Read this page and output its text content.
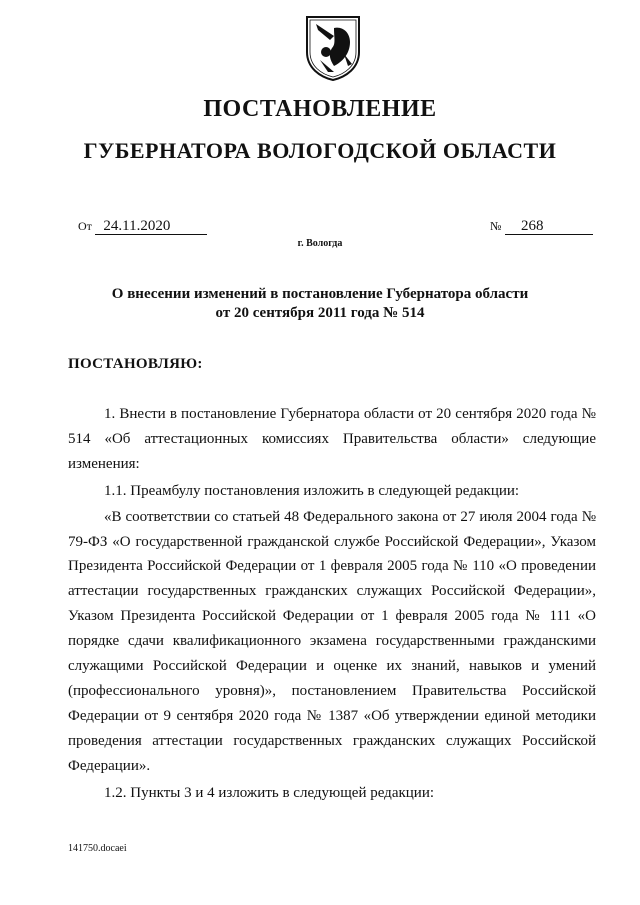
ПОСТАНОВЛЕНИЕ
ГУБЕРНАТОРА ВОЛОГОДСКОЙ ОБЛАСТИ
От 24.11.2020	№ 268
г. Вологда
О внесении изменений в постановление Губернатора области
от 20 сентября 2011 года № 514
ПОСТАНОВЛЯЮ:

1. Внести в постановление Губернатора области от 20 сентября 2020 года № 514 «Об аттестационных комиссиях Правительства области» следующие изменения:

1.1. Преамбулу постановления изложить в следующей редакции:

«В соответствии со статьей 48 Федерального закона от 27 июля 2004 года № 79-ФЗ «О государственной гражданской службе Российской Федерации», Указом Президента Российской Федерации от 1 февраля 2005 года № 110 «О проведении аттестации государственных гражданских служащих Российской Федерации», Указом Президента Российской Федерации от 1 февраля 2005 года № 111 «О порядке сдачи квалификационного экзамена государственными гражданскими служащими Российской Федерации и оценке их знаний, навыков и умений (профессионального уровня)», постановлением Правительства Российской Федерации от 9 сентября 2020 года № 1387 «Об утверждении единой методики проведения аттестации государственных гражданских служащих Российской Федерации».

1.2. Пункты 3 и 4 изложить в следующей редакции:

141750.docaei
